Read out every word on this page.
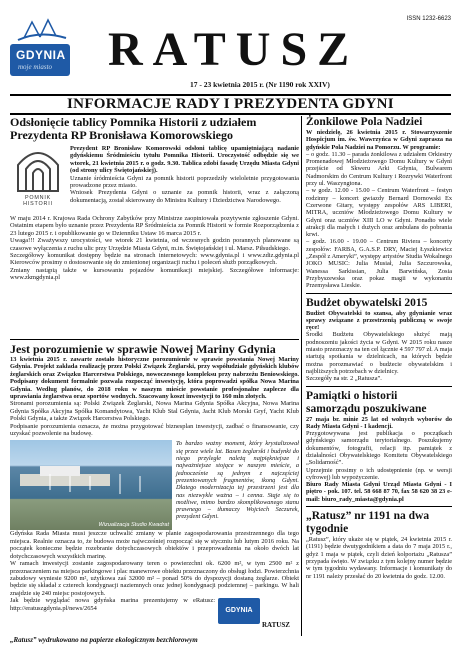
GDYNIA
moje miasto
ISSN 1232-6623
RATUSZ
17 - 23 kwietnia 2015 r. (Nr 1190 rok XXIV)
INFORMACJE RADY I PREZYDENTA GDYNI
Odsłonięcie tablicy Pomnika Historii z udziałem Prezydenta RP Bronisława Komorowskiego
POMNIK
HISTORII

Prezydent RP Bronisław Komorowski odsłoni tablicę upamiętniającą nadanie gdyńskiemu Śródmieściu tytułu Pomnika Historii. Uroczystość odbędzie się we wtorek, 21 kwietnia 2015 r. o godz. 9.30. Tablica zdobi fasadę Urzędu Miasta Gdyni (od strony ulicy Świętojańskiej).

Uznanie śródmieścia Gdyni za pomnik historii poprzedziły wieloletnie przygotowania prowadzone przez miasto.

Wniosek Prezydenta Gdyni o uznanie za pomnik historii, wraz z załączoną dokumentacją, został skierowany do Ministra Kultury i Dziedzictwa Narodowego.

W maju 2014 r. Krajowa Rada Ochrony Zabytków przy Ministrze zaopiniowała pozytywnie zgłoszenie Gdyni. Ostatnim etapem było uznanie przez Prezydenta RP Śródmieścia za Pomnik Historii w formie Rozporządzenia z 23 lutego 2015 r. i opublikowanie go w Dzienniku Ustaw 16 marca 2015 r.

Uwaga!!! Zważywszy urocystości, we wtorek 21 kwietnia, od wczesnych godzin porannych planowane są czasowe wyłączenia z ruchu ulic przy Urzędzie Miasta Gdyni, m.in. Świętojańskiej i ul. Marsz. Piłsudskiego.

Szczegółowy komunikat dostępny będzie na stronach internetowych: www.gdynia.pl i www.zdiz.gdynia.pl Kierowców prosimy o dostosowanie się do zmienionej organizacji ruchu i poleceń służb porządkowych.

Zmiany nastąpią także w kursowaniu pojazdów komunikacji miejskiej. Szczegółowe informacje: www.zkmgdynia.pl

Jest porozumienie w sprawie Nowej Mariny Gdynia

13 kwietnia 2015 r. zawarte zostało historyczne porozumienie w sprawie powstania Nowej Mariny Gdynia. Projekt zakłada realizację przez Polski Związek Żeglarski, przy współudziale gdyńskich klubów żeglarskich oraz Związku Harcerstwa Polskiego, nowoczesnego kompleksu przy nabrzeżu Beniowskiego. Podpisany dokument formalnie pozwala rozpocząć inwestycję, która poprowadzi spółka Nowa Marina Gdynia. Według planów, do 2018 roku w naszym mieście powstanie profesjonalne zaplecze dla uprawiania żeglarstwa oraz sportów wodnych. Szacowany koszt inwestycji to 160 mln złotych.

Stronami porozumienia są: Polski Związek Żeglarski, Nowa Marina Gdynia Spółka Akcyjna, Nowa Marina Gdynia Spółka Akcyjna Spółka Komandytowa, Yacht Klub Stal Gdynia, Jacht Klub Morski Gryf, Yacht Klub Polski Gdynia, a także Związek Harcerstwa Polskiego.

Podpisanie porozumienia oznacza, że można przygotować biznesplan inwestycji, zadbać o finansowanie, czy uzyskać pozwolenie na budowę.

Wizualizacja Studio Kwadrat

To bardzo ważny moment, który krystalizował się przez wiele lat. Basen żeglarski i budynki do niego przyległe należą najpiękniejsze i najważniejsze stojące w naszym mieście, a jednocześnie są jednym z najczęściej prezentowanych fragmentów, ikoną Gdyni. Dlatego modernizacja tej przestrzeni jest dla nas niezwykle ważna – i cenna. Stąje się to możliwe, mimo bardzo skomplikowanego stanu prawnego – tłumaczy Wojciech Szczurek, prezydent Gdyni.

Gdyńska Rada Miasta musi jeszcze uchwalić zmiany w planie zagospodarowania przestrzennego dla tego miejsca. Realnie oznacza to, że budowa może najwcześniej rozpocząć się w styczniu lub lutym 2016 roku. Na początek konieczne będzie rozebranie dotychczasowych obiektów i przeprowadzenia na około dwóch lat dotychczasowych wszystkich marinę.

W ramach inwestycji zostanie zagospodarowany teren o powierzchni ok. 6200 m², w tym 2500 m² z przeznaczeniem na miejsca parkingowe i plac manewrowe obiektu przeznaczony do obsługi łodzi. Powierzchnia zabudowy wyniesie 9200 m², użytkowa zaś 32000 m² – ponad 50% do dyspozycji dostaną żeglarze. Obiekt będzie się składał z czterech kondygnacji naziemnych oraz jednej kondygnacji podziemnej – parkingu. W hali znajdzie się 240 miejsc postojowych.

Jak będzie wyglądać nowa gdyńska marina prezentujemy w eRatusz: http://eratuszgdynia.pl/news/2654	GDYNIA
RATUSZ
„Ratusz” wydrukowano na papierze ekologicznym bezchlorowym
Żonkilowe Pola Nadziei

W niedzielę, 26 kwietnia 2015 r. Stowarzyszenie Hospicjum im. św. Wawrzyńca w Gdyni zaprasza na gdyńskie Pola Nadziei na Pomorzu. W programie:

– o godz. 11.30 – parada żonkilowa z udziałem Orkiestry Promenadowej Młodzieżowego Domu Kultury w Gdyni przejście od Skweru Arki Gdynia, Bulwarem Nadmorskim do Centrum Kultury i Rozrywki Waterfront przy ul. Waszyngtona.

– w godz. 12.00 - 15.00 – Centrum Waterfront – festyn rodzinny – koncert gwiazdy Bernard Dornowski Ex Czerwone Gitary, występy zespołów ARS LIBERI, MITRA, uczniów Młodzieżowego Domu Kultury w Gdyni oraz uczniów XIII LO w Gdyni. Ponadto wiele atrakcji dla małych i dużych oraz ambulans do pobrania krwi.

– godz. 16.00 - 19.00 – Centrum Riviera – koncerty zespołów: FARBA, G.A.S.P. DRY, Maciej Łyszkiewicz „Zespół z Ameryki”, występy artystów Studia Wokalnego JOKO MUSIC: Julia Musiał, Julia Szczurowska, Wanessa Sarkissian, Julia Barwińska, Zosia Przybyszewska oraz pokaz magii w wykonaniu Przemysława Lieskie.

Budżet obywatelski 2015

Budżet Obywatelski to szansa, aby gdynianie wraz sprawy związane z przestrzenią publiczną w swoje ręce!

Środki Budżetu Obywatelskiego służyć mają podnoszeniu jakości życia w Gdyni. W 2015 roku nasze miasto przeznaczy na ten cel łącznie 4 597 797 zł. A maja startują spotkania w dzielnicach, na których będzie można porozmawiać o budżecie obywatelskim i najbliższych potrzebach w dzielnicy.

Szczegóły na str. 2 „Ratusza”.

Pamiątki o historii samorządu poszukiwane

27 maja br. minie 25 lat od wolnych wyborów do Rady Miasta Gdyni - I kadencji.

Przygotowywana jest publikacja o początkach gdyńskiego samorządu terytorialnego. Poszukujemy dokumentów, fotografii, relacji itp. pamiątek z działalności Obywatelskiego Komitetu Obywatelskiego „Solidarność”.

Uprzejmie prosimy o ich udostępnienie (np. w wersji cyfrowej) lub wypożyczenie.

Biuro Rady Miasta Gdyni Urząd Miasta Gdyni - I piętro - pok. 107. tel. 58 668 87 70, fax 58 620 38 23 e-mail: biuro_rady_miasta@gdynia.pl

„Ratusz” nr 1191 na dwa tygodnie

„Ratusz”, który ukaże się w piątek, 24 kwietnia 2015 r. (1191) będzie dwutygodnikiem a data do 7 maja 2015 r., gdyż 1 maja w piątek, czyli dzień kolportażu „Ratusza” przypada święto. W związku z tym kolejny numer będzie w tym tygodniu wydawany. Informacje i komunikaty do nr 1191 należy przesłać do 20 kwietnia do godz. 12.00.
